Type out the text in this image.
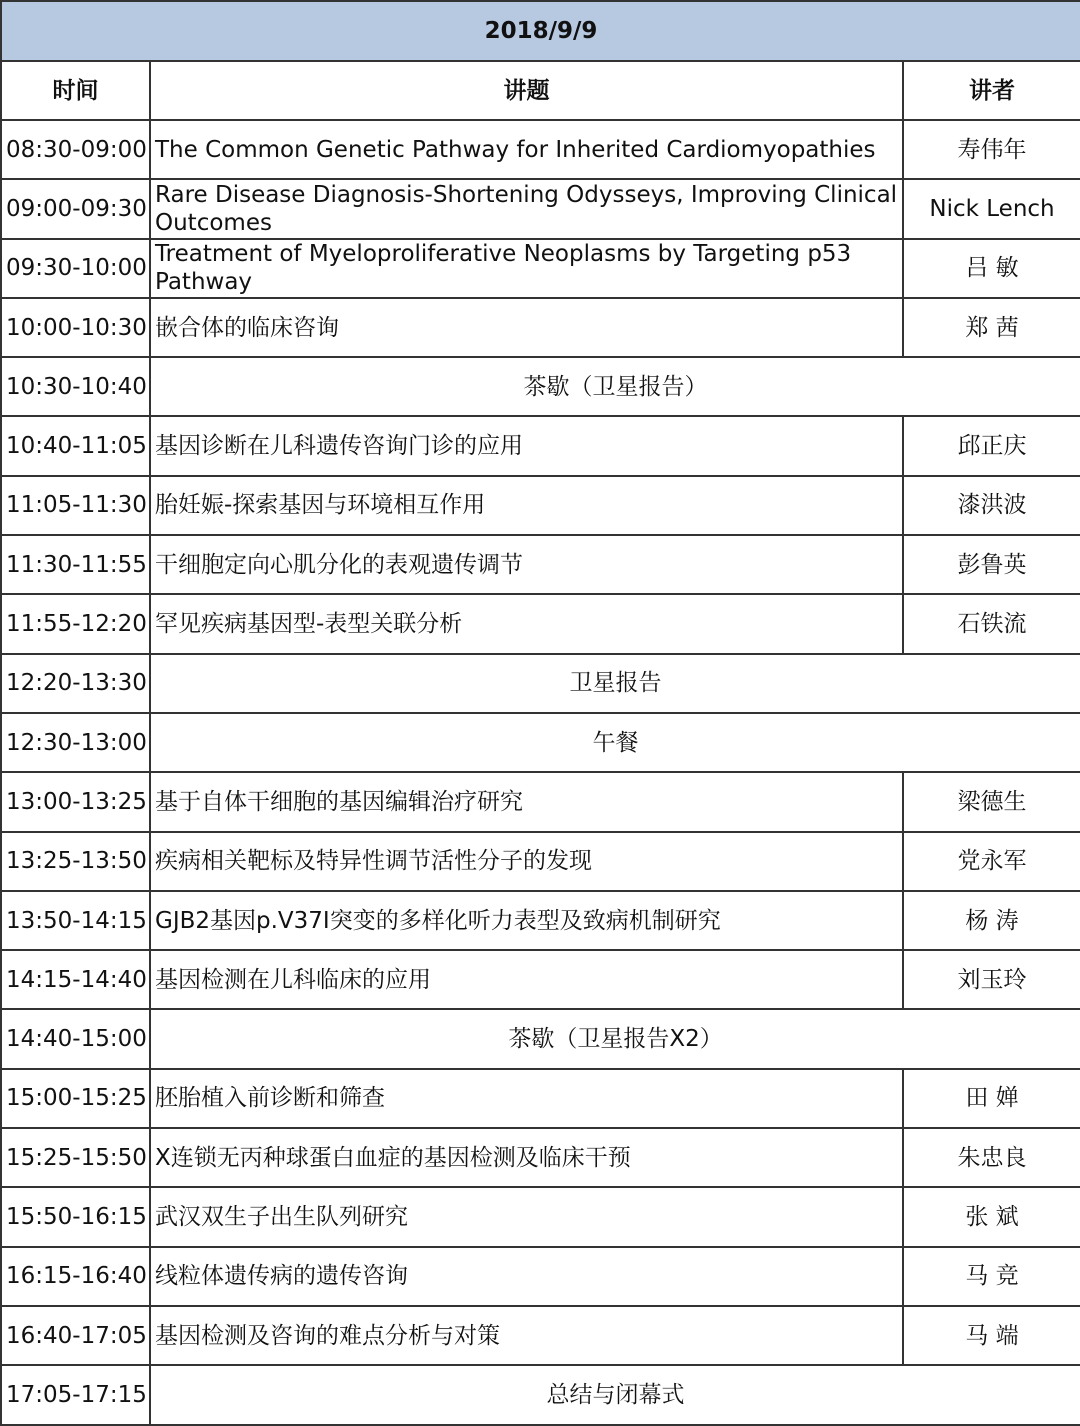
2018/9/9		
时间	讲题	讲者
08:30-09:00	The Common Genetic Pathway for Inherited Cardiomyopathies	寿伟年
09:00-09:30	Rare Disease Diagnosis-Shortening Odysseys, Improving Clinical Outcomes	Nick Lench
09:30-10:00	Treatment of Myeloproliferative Neoplasms by Targeting p53 Pathway	吕 敏
10:00-10:30	嵌合体的临床咨询	郑 茜
10:30-10:40	茶歇（卫星报告）	
10:40-11:05	基因诊断在儿科遗传咨询门诊的应用	邱正庆
11:05-11:30	胎妊娠-探索基因与环境相互作用	漆洪波
11:30-11:55	干细胞定向心肌分化的表观遗传调节	彭鲁英
11:55-12:20	罕见疾病基因型-表型关联分析	石铁流
12:20-13:30	卫星报告	
12:30-13:00	午餐	
13:00-13:25	基于自体干细胞的基因编辑治疗研究	梁德生
13:25-13:50	疾病相关靶标及特异性调节活性分子的发现	党永军
13:50-14:15	GJB2基因p.V37I突变的多样化听力表型及致病机制研究	杨 涛
14:15-14:40	基因检测在儿科临床的应用	刘玉玲
14:40-15:00	茶歇（卫星报告X2）	
15:00-15:25	胚胎植入前诊断和筛查	田 婵
15:25-15:50	X连锁无丙种球蛋白血症的基因检测及临床干预	朱忠良
15:50-16:15	武汉双生子出生队列研究	张 斌
16:15-16:40	线粒体遗传病的遗传咨询	马 竞
16:40-17:05	基因检测及咨询的难点分析与对策	马 端
17:05-17:15	总结与闭幕式	
